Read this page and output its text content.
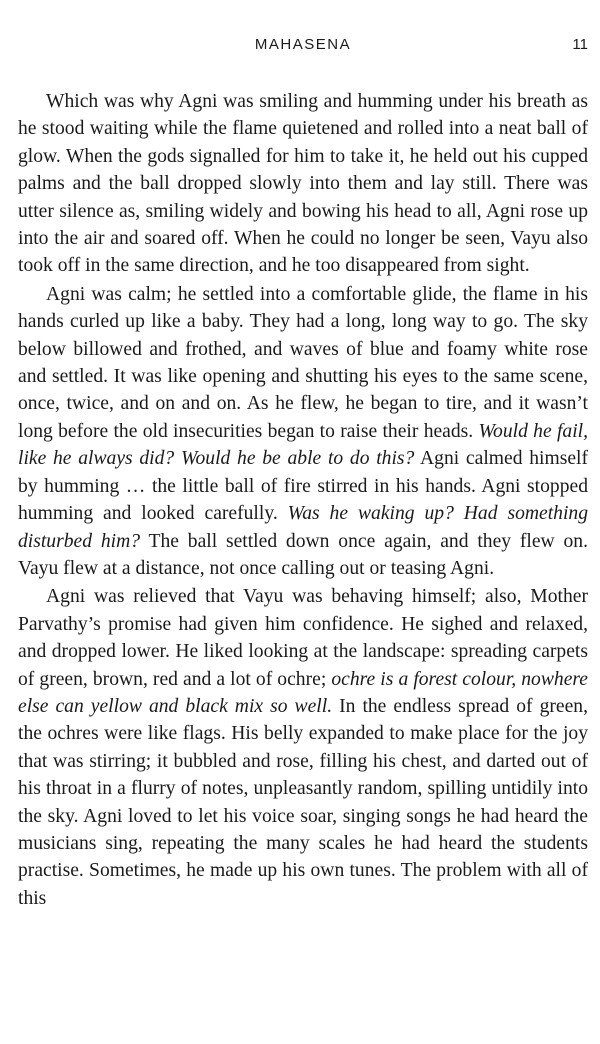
MAHASENA	11

Which was why Agni was smiling and humming under his breath as he stood waiting while the flame quietened and rolled into a neat ball of glow. When the gods signalled for him to take it, he held out his cupped palms and the ball dropped slowly into them and lay still. There was utter silence as, smiling widely and bowing his head to all, Agni rose up into the air and soared off. When he could no longer be seen, Vayu also took off in the same direction, and he too disappeared from sight.

Agni was calm; he settled into a comfortable glide, the flame in his hands curled up like a baby. They had a long, long way to go. The sky below billowed and frothed, and waves of blue and foamy white rose and settled. It was like opening and shutting his eyes to the same scene, once, twice, and on and on. As he flew, he began to tire, and it wasn’t long before the old insecurities began to raise their heads. Would he fail, like he always did? Would he be able to do this? Agni calmed himself by humming … the little ball of fire stirred in his hands. Agni stopped humming and looked carefully. Was he waking up? Had something disturbed him? The ball settled down once again, and they flew on. Vayu flew at a distance, not once calling out or teasing Agni.

Agni was relieved that Vayu was behaving himself; also, Mother Parvathy’s promise had given him confidence. He sighed and relaxed, and dropped lower. He liked looking at the landscape: spreading carpets of green, brown, red and a lot of ochre; ochre is a forest colour, nowhere else can yellow and black mix so well. In the endless spread of green, the ochres were like flags. His belly expanded to make place for the joy that was stirring; it bubbled and rose, filling his chest, and darted out of his throat in a flurry of notes, unpleasantly random, spilling untidily into the sky. Agni loved to let his voice soar, singing songs he had heard the musicians sing, repeating the many scales he had heard the students practise. Sometimes, he made up his own tunes. The problem with all of this
